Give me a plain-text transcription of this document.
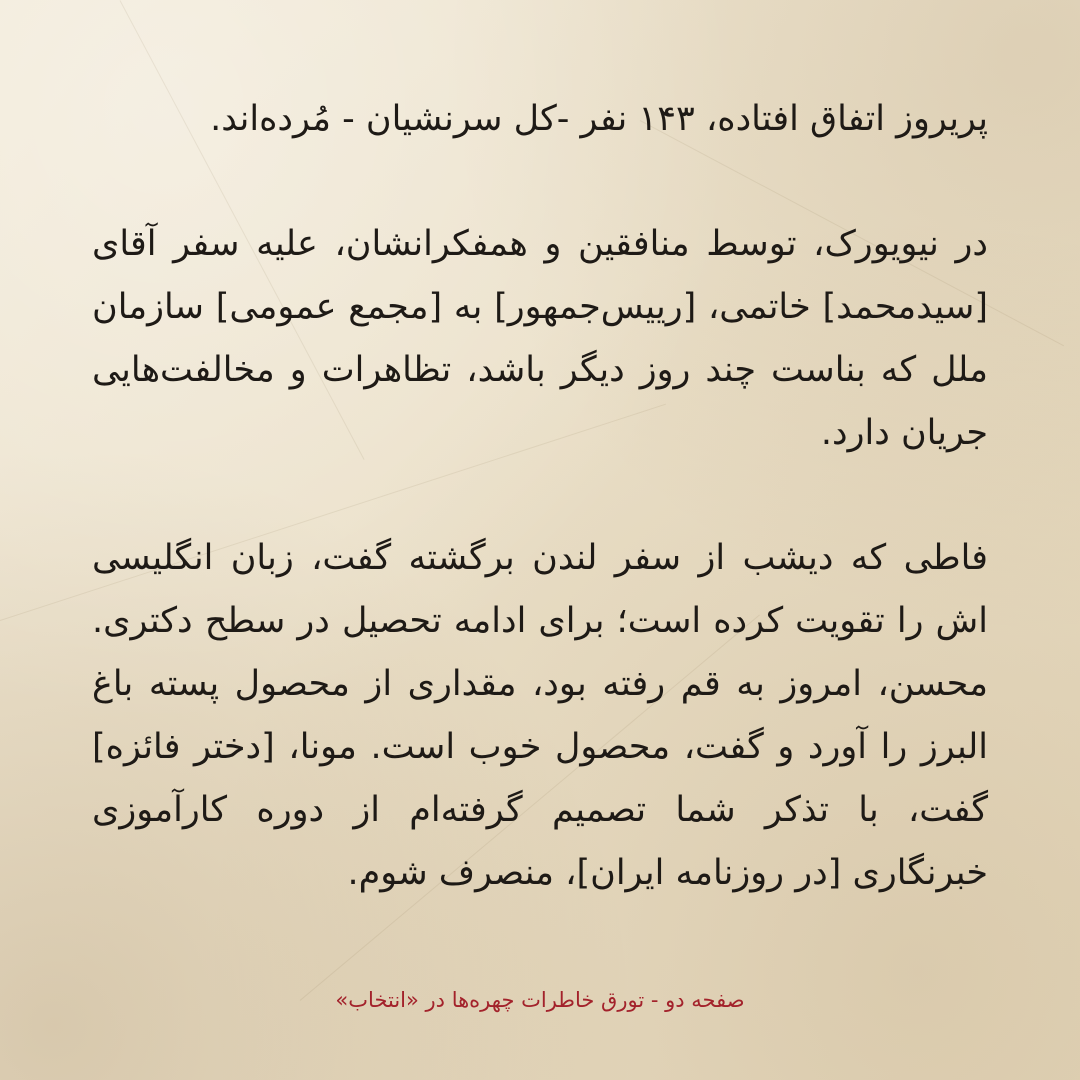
پریروز اتفاق افتاده، ۱۴۳ نفر -کل سرنشیان - مُرده‌اند.

در نیویورک، توسط منافقین و همفکرانشان، علیه سفر آقای [سیدمحمد] خاتمی، [رییس‌جمهور] به [مجمع عمومی] سازمان ملل که بناست چند روز دیگر باشد، تظاهرات و مخالفت‌هایی جریان دارد.

فاطی که دیشب از سفر لندن برگشته گفت، زبان انگلیسی اش را تقویت کرده است؛ برای ادامه تحصیل در سطح دکتری. محسن، امروز به قم رفته بود، مقداری از محصول پسته باغ البرز را آورد و گفت، محصول خوب است. مونا، [دختر فائزه] گفت، با تذکر شما تصمیم گرفته‌ام از دوره کارآموزی خبرنگاری [در روزنامه ایران]، منصرف شوم.

صفحه دو - تورق خاطرات چهره‌ها در «انتخاب»
